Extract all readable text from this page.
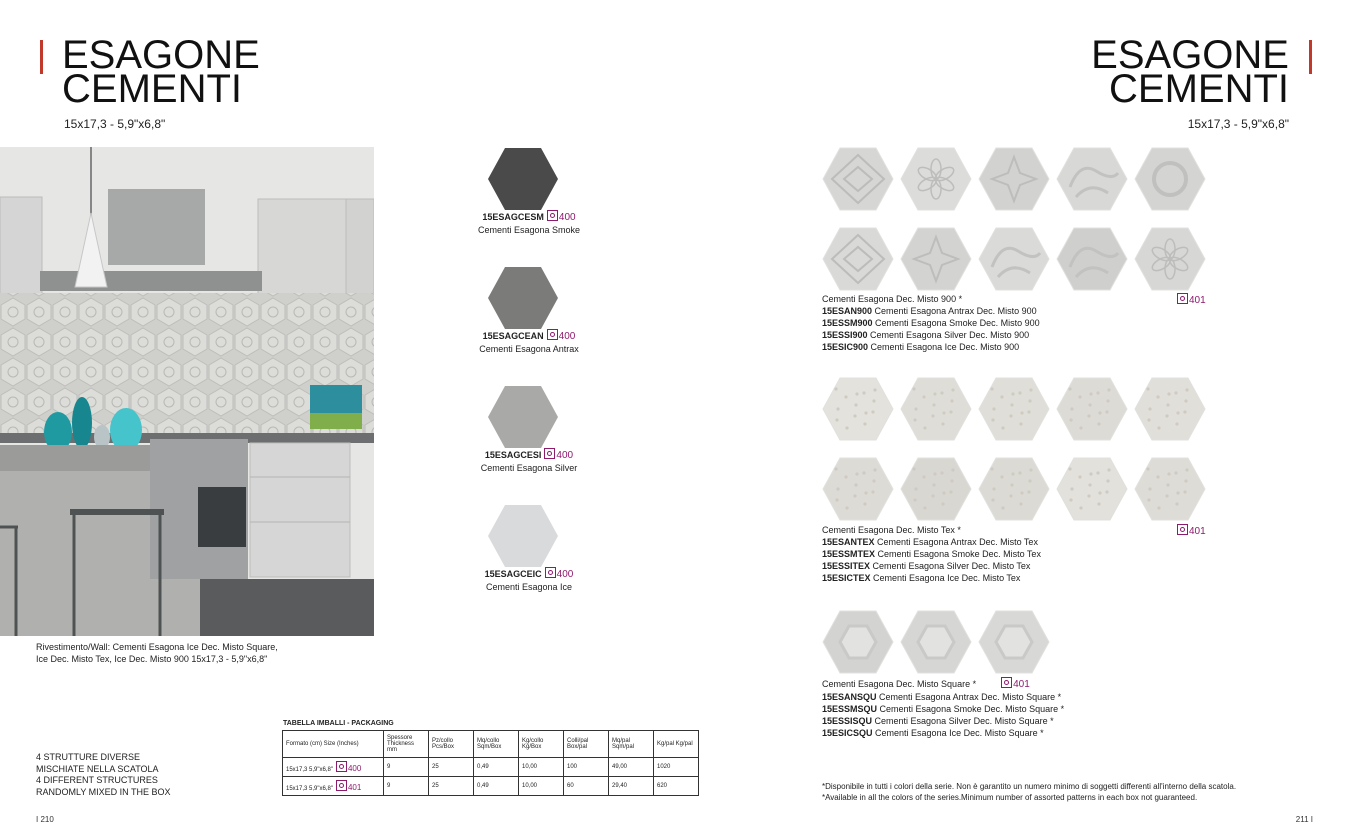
ESAGONE
CEMENTI
15x17,3 - 5,9"x6,8"
ESAGONE
CEMENTI
15x17,3 - 5,9"x6,8"
Rivestimento/Wall: Cementi Esagona Ice Dec. Misto Square,
Ice Dec. Misto Tex, Ice Dec. Misto 900 15x17,3 - 5,9"x6,8"
15ESAGCESM 400
Cementi Esagona Smoke
15ESAGCEAN 400
Cementi Esagona Antrax
15ESAGCESI 400
Cementi Esagona Silver
15ESAGCEIC 400
Cementi Esagona Ice
Cementi Esagona Dec. Misto 900 *
15ESAN900 Cementi Esagona Antrax Dec. Misto 900
15ESSM900 Cementi Esagona Smoke Dec. Misto 900
15ESSI900 Cementi Esagona Silver Dec. Misto 900
15ESIC900 Cementi Esagona Ice Dec. Misto 900
401
Cementi Esagona Dec. Misto Tex *
15ESANTEX Cementi Esagona Antrax Dec. Misto Tex
15ESSMTEX Cementi Esagona Smoke Dec. Misto Tex
15ESSITEX Cementi Esagona Silver Dec. Misto Tex
15ESICTEX Cementi Esagona Ice Dec. Misto Tex
401
Cementi Esagona Dec. Misto Square *	401
15ESANSQU Cementi Esagona Antrax Dec. Misto Square *
15ESSMSQU Cementi Esagona Smoke Dec. Misto Square *
15ESSISQU Cementi Esagona Silver Dec. Misto Square *
15ESICSQU Cementi Esagona Ice Dec. Misto Square *
4 STRUTTURE DIVERSE
MISCHIATE NELLA SCATOLA
4 DIFFERENT STRUCTURES
RANDOMLY MIXED IN THE BOX
TABELLA IMBALLI - PACKAGING
Formato (cm) Size (Inches)	Spessore Thickness mm	Pz/collo Pcs/Box	Mq/collo Sqm/Box	Kg/collo Kg/Box	Colli/pal Box/pal	Mq/pal Sqm/pal	Kg/pal Kg/pal
15x17,3 5,9"x6,8" 400	9	25	0,49	10,00	100	49,00	1020
15x17,3 5,9"x6,8" 401	9	25	0,49	10,00	60	29,40	620	*Disponibile in tutti i colori della serie. Non è garantito un numero minimo di soggetti differenti all'interno della scatola.
*Available in all the colors of the series.Minimum number of assorted patterns in each box not guaranteed.
I 210	211 I
